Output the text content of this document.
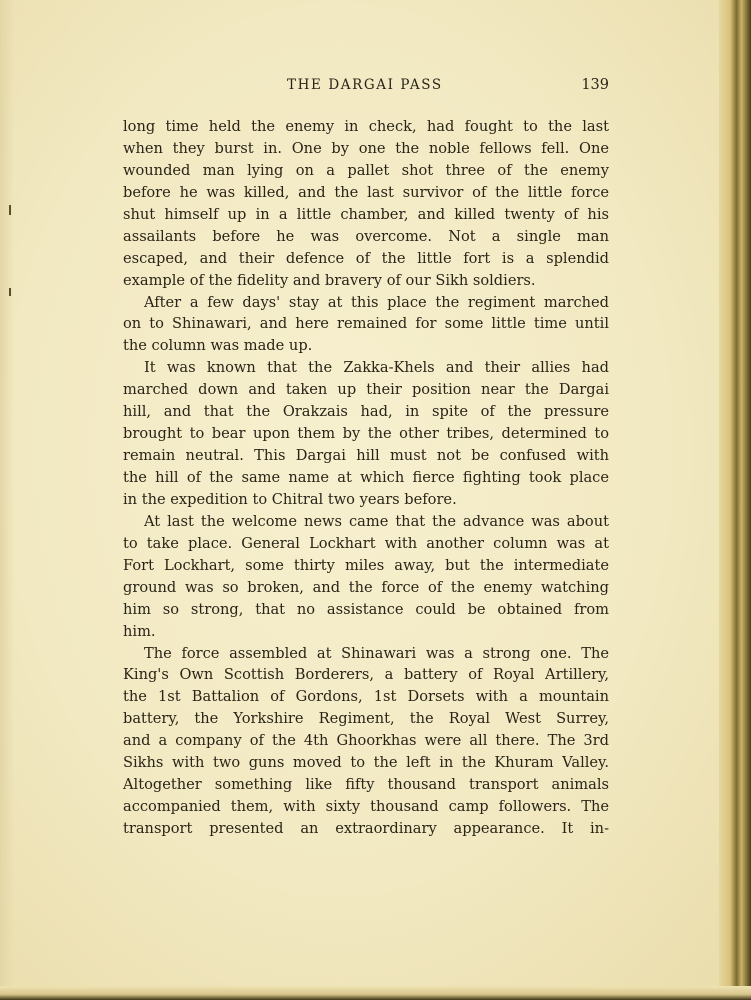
THE DARGAI PASS	139
long time held the enemy in check, had fought to the last
when they burst in. One by one the noble fellows fell. One
wounded man lying on a pallet shot three of the enemy
before he was killed, and the last survivor of the little force
shut himself up in a little chamber, and killed twenty of his
assailants before he was overcome. Not a single man
escaped, and their defence of the little fort is a splendid
example of the fidelity and bravery of our Sikh soldiers.
After a few days' stay at this place the regiment marched
on to Shinawari, and here remained for some little time until
the column was made up.
It was known that the Zakka-Khels and their allies had
marched down and taken up their position near the Dargai
hill, and that the Orakzais had, in spite of the pressure
brought to bear upon them by the other tribes, determined to
remain neutral. This Dargai hill must not be confused with
the hill of the same name at which fierce fighting took place
in the expedition to Chitral two years before.
At last the welcome news came that the advance was about
to take place. General Lockhart with another column was at
Fort Lockhart, some thirty miles away, but the intermediate
ground was so broken, and the force of the enemy watching
him so strong, that no assistance could be obtained from
him.
The force assembled at Shinawari was a strong one. The
King's Own Scottish Borderers, a battery of Royal Artillery,
the 1st Battalion of Gordons, 1st Dorsets with a mountain
battery, the Yorkshire Regiment, the Royal West Surrey,
and a company of the 4th Ghoorkhas were all there. The 3rd
Sikhs with two guns moved to the left in the Khuram Valley.
Altogether something like fifty thousand transport animals
accompanied them, with sixty thousand camp followers. The
transport presented an extraordinary appearance. It in-
